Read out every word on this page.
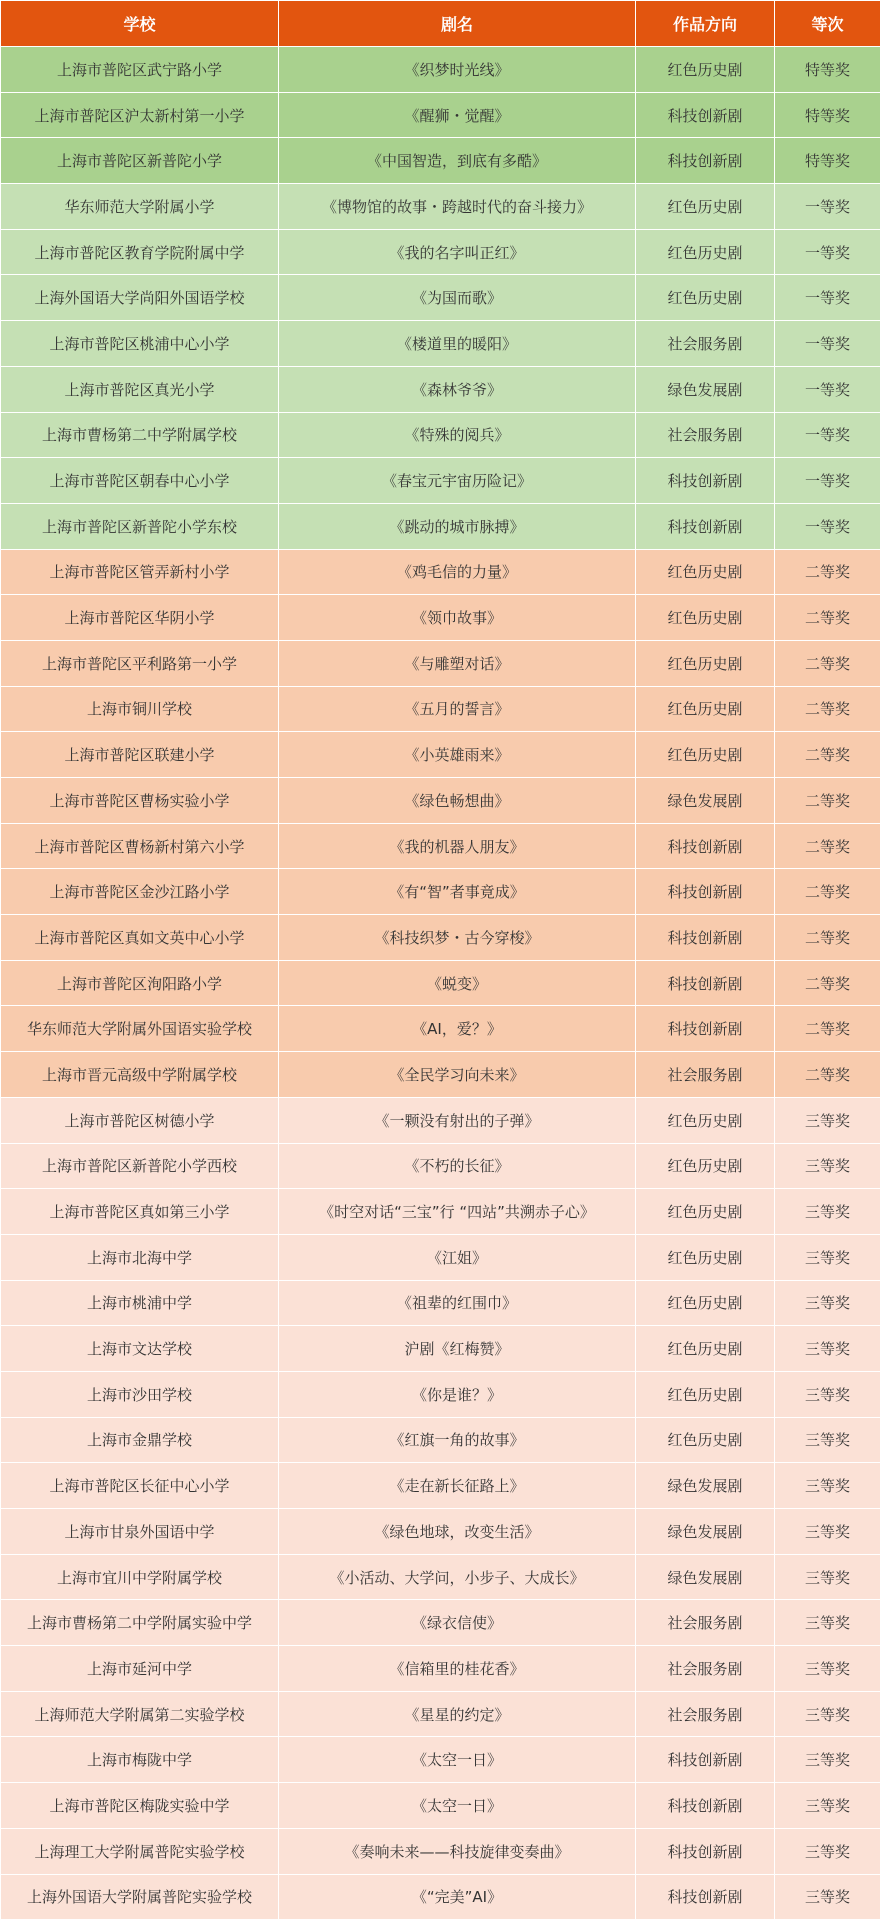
学校	剧名	作品方向	等次
上海市普陀区武宁路小学	《织梦时光线》	红色历史剧	特等奖
上海市普陀区沪太新村第一小学	《醒狮・觉醒》	科技创新剧	特等奖
上海市普陀区新普陀小学	《中国智造，到底有多酷》	科技创新剧	特等奖
华东师范大学附属小学	《博物馆的故事・跨越时代的奋斗接力》	红色历史剧	一等奖
上海市普陀区教育学院附属中学	《我的名字叫正红》	红色历史剧	一等奖
上海外国语大学尚阳外国语学校	《为国而歌》	红色历史剧	一等奖
上海市普陀区桃浦中心小学	《楼道里的暖阳》	社会服务剧	一等奖
上海市普陀区真光小学	《森林爷爷》	绿色发展剧	一等奖
上海市曹杨第二中学附属学校	《特殊的阅兵》	社会服务剧	一等奖
上海市普陀区朝春中心小学	《春宝元宇宙历险记》	科技创新剧	一等奖
上海市普陀区新普陀小学东校	《跳动的城市脉搏》	科技创新剧	一等奖
上海市普陀区管弄新村小学	《鸡毛信的力量》	红色历史剧	二等奖
上海市普陀区华阴小学	《领巾故事》	红色历史剧	二等奖
上海市普陀区平利路第一小学	《与雕塑对话》	红色历史剧	二等奖
上海市铜川学校	《五月的誓言》	红色历史剧	二等奖
上海市普陀区联建小学	《小英雄雨来》	红色历史剧	二等奖
上海市普陀区曹杨实验小学	《绿色畅想曲》	绿色发展剧	二等奖
上海市普陀区曹杨新村第六小学	《我的机器人朋友》	科技创新剧	二等奖
上海市普陀区金沙江路小学	《有“智”者事竟成》	科技创新剧	二等奖
上海市普陀区真如文英中心小学	《科技织梦・古今穿梭》	科技创新剧	二等奖
上海市普陀区洵阳路小学	《蜕变》	科技创新剧	二等奖
华东师范大学附属外国语实验学校	《AI，爱？》	科技创新剧	二等奖
上海市晋元高级中学附属学校	《全民学习向未来》	社会服务剧	二等奖
上海市普陀区树德小学	《一颗没有射出的子弹》	红色历史剧	三等奖
上海市普陀区新普陀小学西校	《不朽的长征》	红色历史剧	三等奖
上海市普陀区真如第三小学	《时空对话“三宝”行 “四站”共溯赤子心》	红色历史剧	三等奖
上海市北海中学	《江姐》	红色历史剧	三等奖
上海市桃浦中学	《祖辈的红围巾》	红色历史剧	三等奖
上海市文达学校	沪剧《红梅赞》	红色历史剧	三等奖
上海市沙田学校	《你是谁？》	红色历史剧	三等奖
上海市金鼎学校	《红旗一角的故事》	红色历史剧	三等奖
上海市普陀区长征中心小学	《走在新长征路上》	绿色发展剧	三等奖
上海市甘泉外国语中学	《绿色地球，改变生活》	绿色发展剧	三等奖
上海市宜川中学附属学校	《小活动、大学问，小步子、大成长》	绿色发展剧	三等奖
上海市曹杨第二中学附属实验中学	《绿衣信使》	社会服务剧	三等奖
上海市延河中学	《信箱里的桂花香》	社会服务剧	三等奖
上海师范大学附属第二实验学校	《星星的约定》	社会服务剧	三等奖
上海市梅陇中学	《太空一日》	科技创新剧	三等奖
上海市普陀区梅陇实验中学	《太空一日》	科技创新剧	三等奖
上海理工大学附属普陀实验学校	《奏响未来——科技旋律变奏曲》	科技创新剧	三等奖
上海外国语大学附属普陀实验学校	《“完美”AI》	科技创新剧	三等奖
